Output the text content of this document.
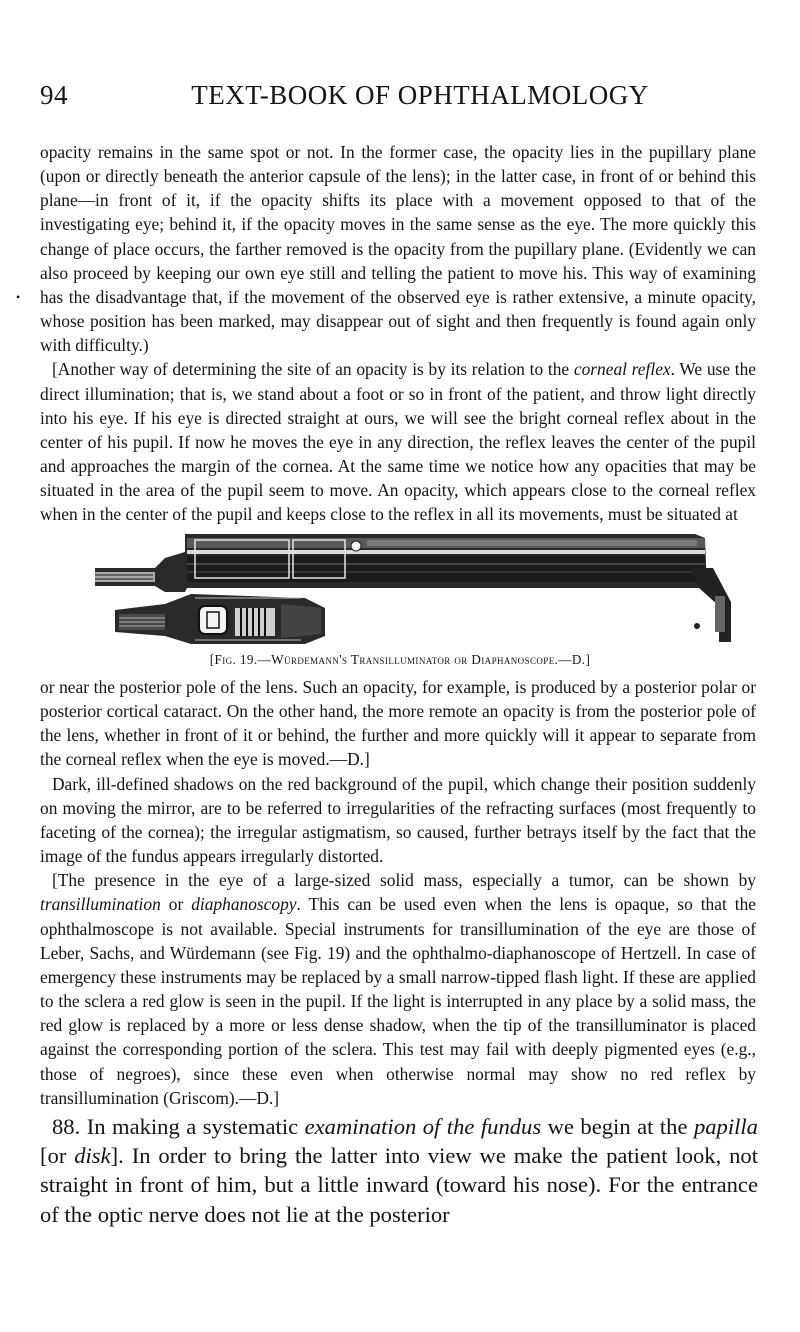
94	TEXT-BOOK OF OPHTHALMOLOGY
•

opacity remains in the same spot or not. In the former case, the opacity lies in the pupillary plane (upon or directly beneath the anterior capsule of the lens); in the latter case, in front of or behind this plane—in front of it, if the opacity shifts its place with a movement opposed to that of the investigating eye; behind it, if the opacity moves in the same sense as the eye. The more quickly this change of place occurs, the farther removed is the opacity from the pupillary plane. (Evidently we can also proceed by keeping our own eye still and telling the patient to move his. This way of examining has the disadvantage that, if the movement of the observed eye is rather extensive, a minute opacity, whose position has been marked, may disappear out of sight and then frequently is found again only with difficulty.)

[Another way of determining the site of an opacity is by its relation to the corneal reflex. We use the direct illumination; that is, we stand about a foot or so in front of the patient, and throw light directly into his eye. If his eye is directed straight at ours, we will see the bright corneal reflex about in the center of his pupil. If now he moves the eye in any direction, the reflex leaves the center of the pupil and approaches the margin of the cornea. At the same time we notice how any opacities that may be situated in the area of the pupil seem to move. An opacity, which appears close to the corneal reflex when in the center of the pupil and keeps close to the reflex in all its movements, must be situated at

[Fig. 19.—Würdemann's Transilluminator or Diaphanoscope.—D.]

or near the posterior pole of the lens. Such an opacity, for example, is produced by a posterior polar or posterior cortical cataract. On the other hand, the more remote an opacity is from the posterior pole of the lens, whether in front of it or behind, the further and more quickly will it appear to separate from the corneal reflex when the eye is moved.—D.]

Dark, ill-defined shadows on the red background of the pupil, which change their position suddenly on moving the mirror, are to be referred to irregularities of the refracting surfaces (most frequently to faceting of the cornea); the irregular astigmatism, so caused, further betrays itself by the fact that the image of the fundus appears irregularly distorted.

[The presence in the eye of a large-sized solid mass, especially a tumor, can be shown by transillumination or diaphanoscopy. This can be used even when the lens is opaque, so that the ophthalmoscope is not available. Special instruments for transillumination of the eye are those of Leber, Sachs, and Würdemann (see Fig. 19) and the ophthalmo-diaphanoscope of Hertzell. In case of emergency these instruments may be replaced by a small narrow-tipped flash light. If these are applied to the sclera a red glow is seen in the pupil. If the light is interrupted in any place by a solid mass, the red glow is replaced by a more or less dense shadow, when the tip of the transilluminator is placed against the corresponding portion of the sclera. This test may fail with deeply pigmented eyes (e.g., those of negroes), since these even when otherwise normal may show no red reflex by transillumination (Griscom).—D.]

88. In making a systematic examination of the fundus we begin at the papilla [or disk]. In order to bring the latter into view we make the patient look, not straight in front of him, but a little inward (toward his nose). For the entrance of the optic nerve does not lie at the posterior
